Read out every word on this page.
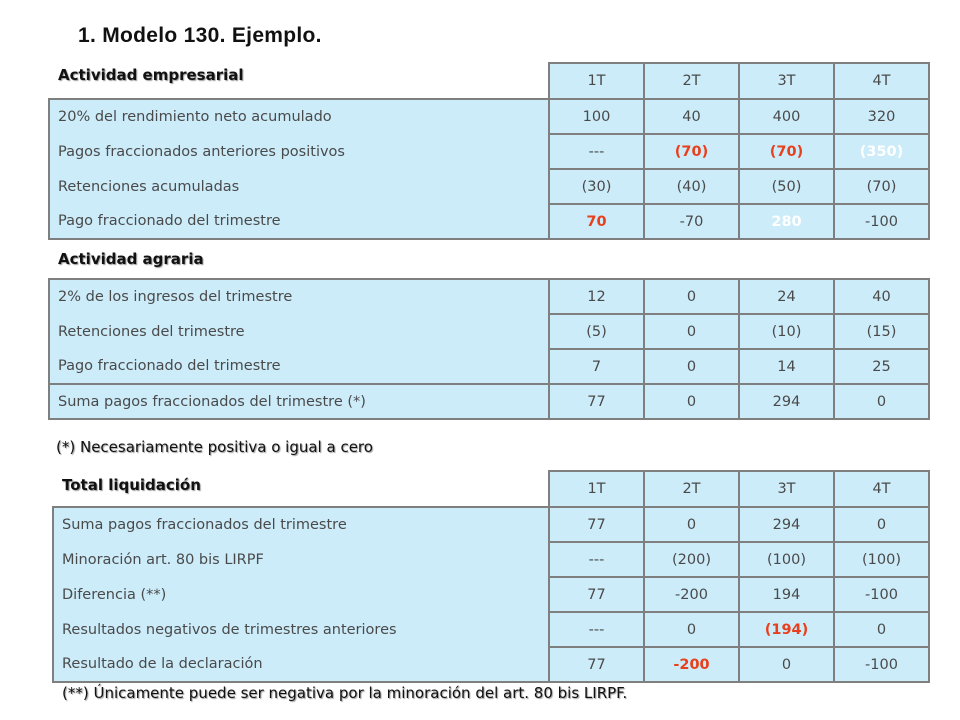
1. Modelo 130. Ejemplo.
Actividad empresarial
		1T	2T	3T	4T
20% del rendimiento neto acumulado	100	40	400	320
Pagos fraccionados anteriores positivos	---	(70)	(70)	(350)
Retenciones acumuladas	(30)	(40)	(50)	(70)
Pago fraccionado del trimestre	70	-70	280	-100
Actividad agraria
2% de los ingresos del trimestre	12	0	24	40
Retenciones del trimestre	(5)	0	(10)	(15)
Pago fraccionado del trimestre	7	0	14	25
Suma pagos fraccionados del trimestre (*)	77	0	294	0
(*) Necesariamente positiva o igual a cero
Total liquidación
		1T	2T	3T	4T
Suma pagos fraccionados del trimestre	77	0	294	0
Minoración art. 80 bis LIRPF	---	(200)	(100)	(100)
Diferencia (**)	77	-200	194	-100
Resultados negativos de trimestres anteriores	---	0	(194)	0
Resultado de la declaración	77	-200	0	-100
(**) Únicamente puede ser negativa por la minoración del art. 80 bis LIRPF.
